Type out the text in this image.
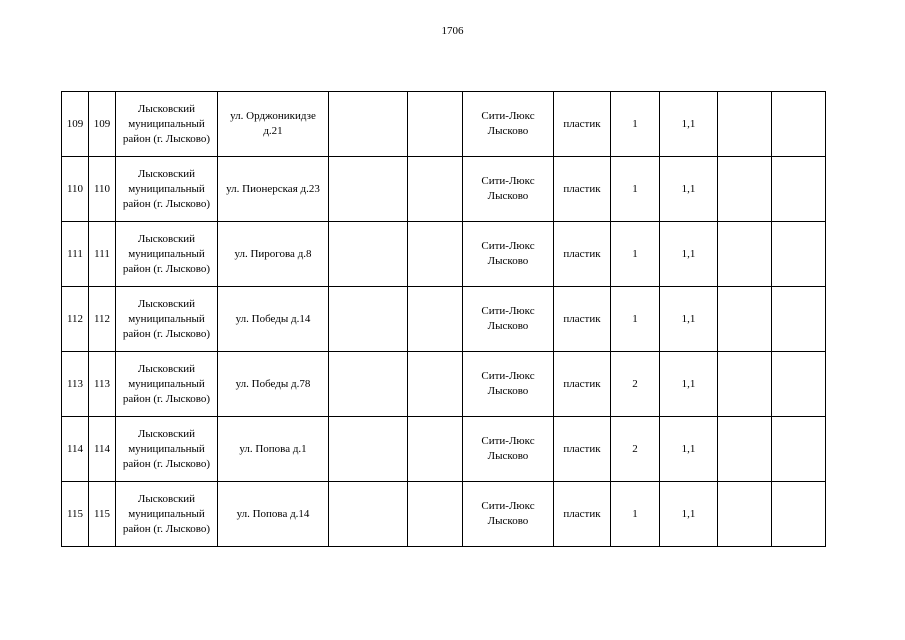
1706
109	109	Лысковский муниципальный район (г. Лысково)	ул. Орджоникидзе д.21			Сити-Люкс Лысково	пластик	1	1,1		
110	110	Лысковский муниципальный район (г. Лысково)	ул. Пионерская д.23			Сити-Люкс Лысково	пластик	1	1,1		
111	111	Лысковский муниципальный район (г. Лысково)	ул. Пирогова д.8			Сити-Люкс Лысково	пластик	1	1,1		
112	112	Лысковский муниципальный район (г. Лысково)	ул. Победы д.14			Сити-Люкс Лысково	пластик	1	1,1		
113	113	Лысковский муниципальный район (г. Лысково)	ул. Победы д.78			Сити-Люкс Лысково	пластик	2	1,1		
114	114	Лысковский муниципальный район (г. Лысково)	ул. Попова д.1			Сити-Люкс Лысково	пластик	2	1,1		
115	115	Лысковский муниципальный район (г. Лысково)	ул. Попова д.14			Сити-Люкс Лысково	пластик	1	1,1		
